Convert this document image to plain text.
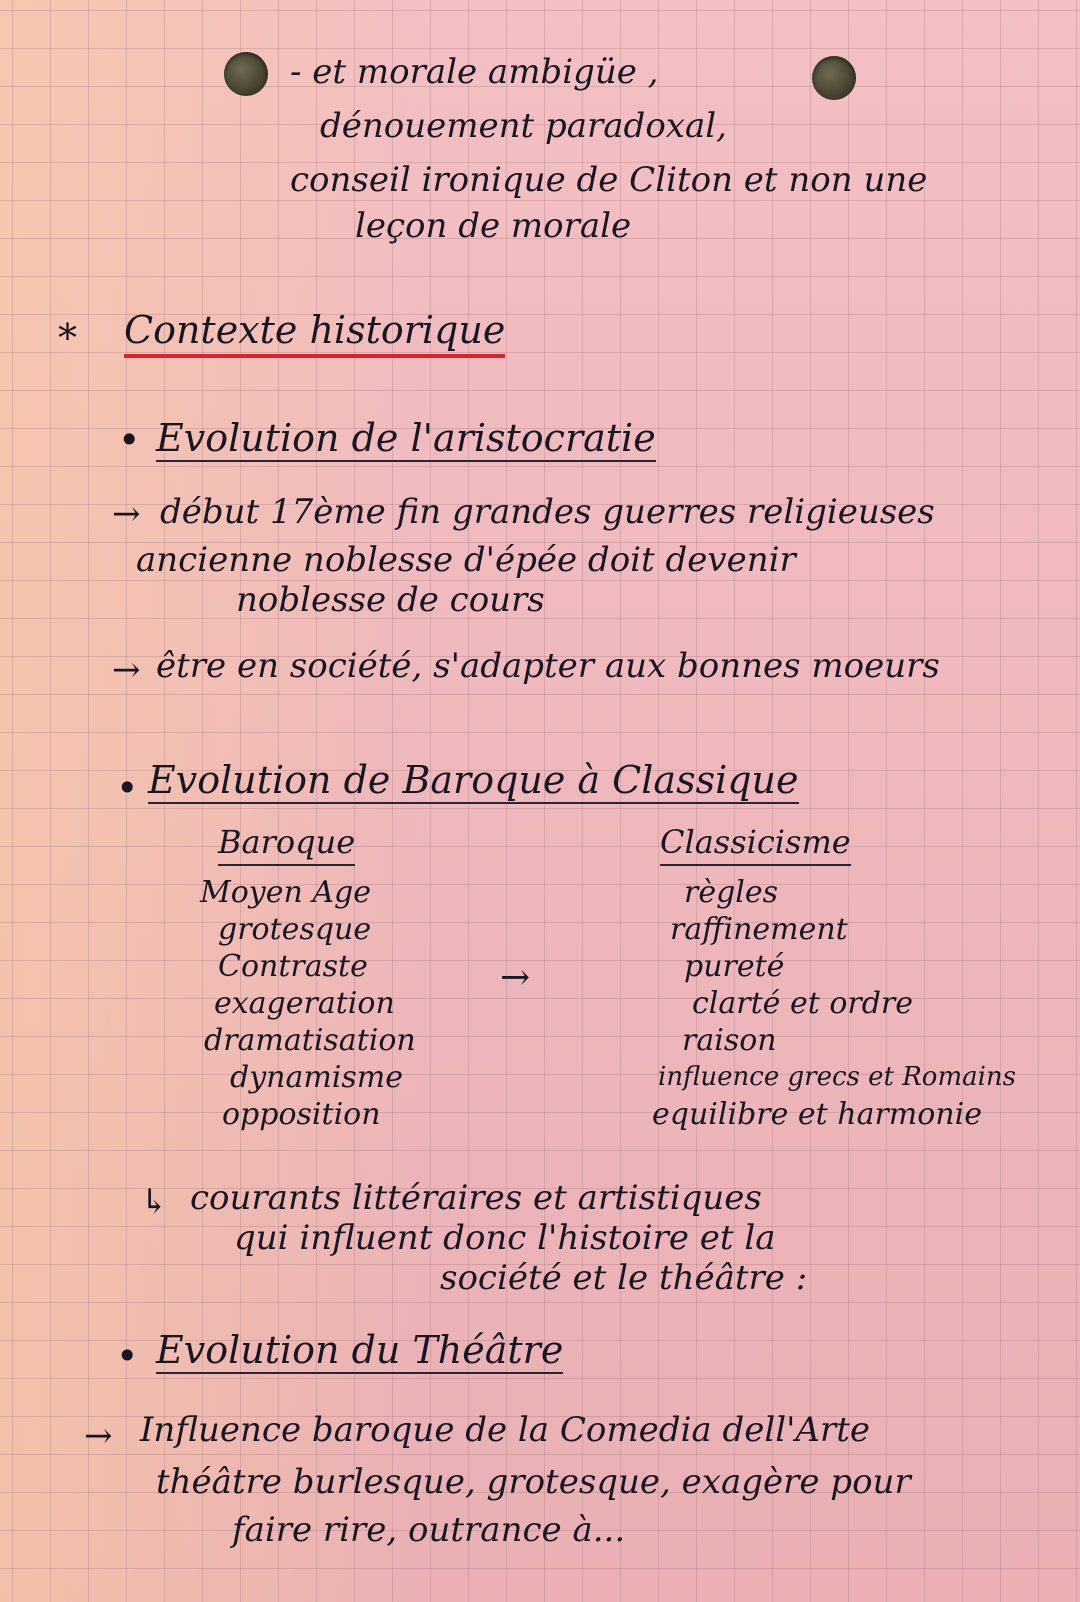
- et morale ambigüe ,
dénouement paradoxal,
conseil ironique de Cliton et non une
leçon de morale
* Contexte historique
• Evolution de l'aristocratie
→ début 17ème fin grandes guerres religieuses
ancienne noblesse d'épée doit devenir
noblesse de cours
→ être en société, s'adapter aux bonnes moeurs
• Evolution de Baroque à Classique
Baroque
Moyen Age
grotesque
Contraste
exageration
dramatisation
dynamisme
opposition
→
Classicisme
règles
raffinement
pureté
clarté et ordre
raison
influence grecs et Romains
equilibre et harmonie
↳ courants littéraires et artistiques
qui influent donc l'histoire et la
société et le théâtre :
• Evolution du Théâtre
→ Influence baroque de la Comedia dell'Arte
théâtre burlesque, grotesque, exagère pour
faire rire, outrance à...
